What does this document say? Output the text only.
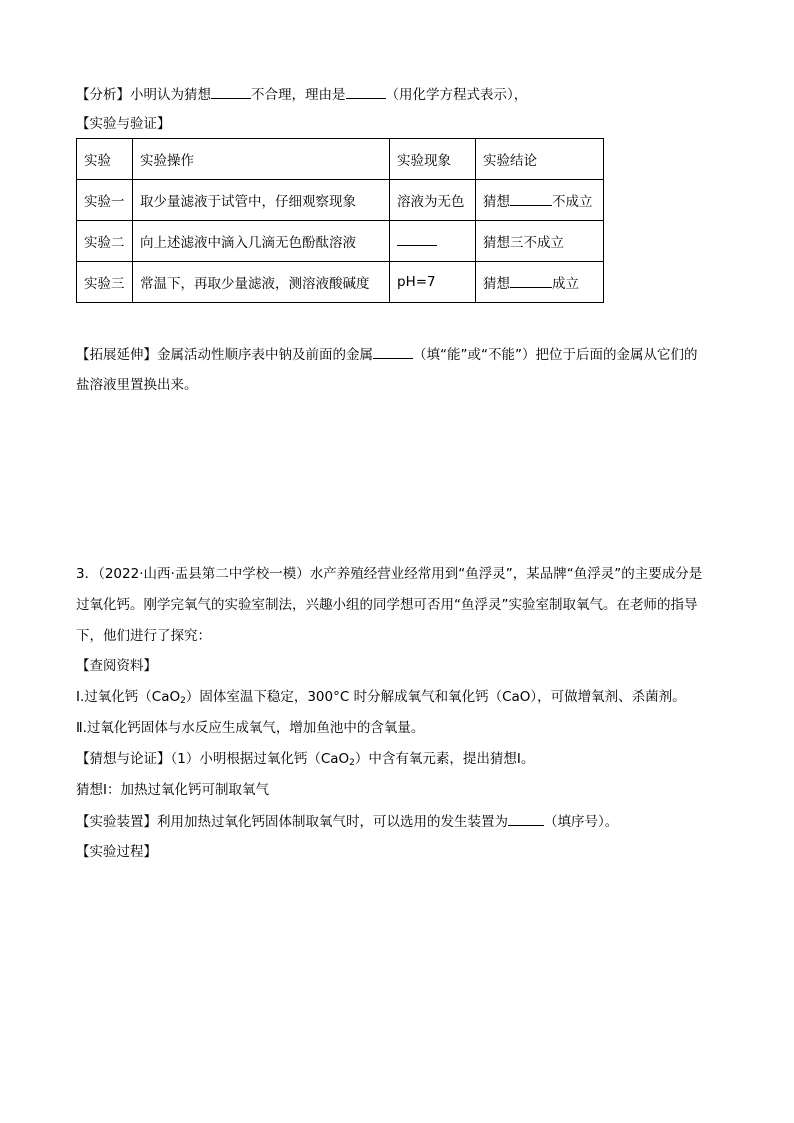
【分析】小明认为猜想	不合理，理由是	（用化学方程式表示），
【实验与验证】
实验	实验操作	实验现象	实验结论
实验一	取少量滤液于试管中，仔细观察现象	溶液为无色	猜想 不成立
实验二	向上述滤液中滴入几滴无色酚酞溶液		猜想三不成立
实验三	常温下，再取少量滤液，测溶液酸碱度	pH=7	猜想 成立
【拓展延伸】金属活动性顺序表中钠及前面的金属	（填“能”或“不能”）把位于后面的金属从它们的
盐溶液里置换出来。
3．（2022·山西·盂县第二中学校一模）水产养殖经营业经常用到“鱼浮灵”，某品牌“鱼浮灵”的主要成分是
过氧化钙。刚学完氧气的实验室制法，兴趣小组的同学想可否用“鱼浮灵”实验室制取氧气。在老师的指导
下，他们进行了探究：
【查阅资料】
Ⅰ.过氧化钙（CaO$_2$）固体室温下稳定，300°C 时分解成氧气和氧化钙（CaO），可做增氧剂、杀菌剂。
Ⅱ.过氧化钙固体与水反应生成氧气，增加鱼池中的含氧量。
【猜想与论证】（1）小明根据过氧化钙（CaO$_2$）中含有氧元素，提出猜想Ⅰ。
猜想Ⅰ：加热过氧化钙可制取氧气
【实验装置】利用加热过氧化钙固体制取氧气时，可以选用的发生装置为	（填序号）。
【实验过程】
